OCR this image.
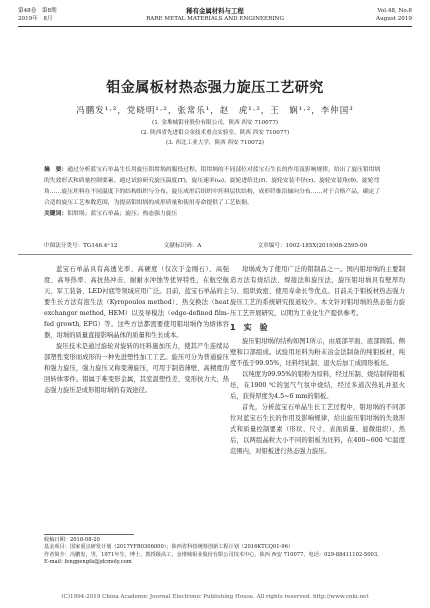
第48卷　第8期
2019年　8月
稀有金属材料与工程
RARE METAL MATERIALS AND ENGINEERING
Vol.48, No.8
August 2019
钼金属板材热态强力旋压工艺研究
冯鹏发¹·²，党晓明¹·²，张常乐¹，赵　虎¹·²，王　娴¹·²，李仲国³
(1. 金堆城钼业股份有限公司，陕西 西安 710077)
(2. 陕西省先进钼合金技术重点实验室，陕西 西安 710077)
(3. 西北工业大学，陕西 西安 710072)
摘　要：通过分析蓝宝石单晶生长用旋压钼坩埚的服役过程、钼坩埚的不同部位对蓝宝石生长的作用及影响规律，给出了旋压钼坩埚的失效形式和质量控制要素。通过试验研究旋压温度(T)，旋压速率(ω)、旋轮进给比(f)、旋轮安装半径(r)、旋轮安装角(θ)、旋轮弯角……旋压坯料在不同温度下的结构组织与分布。旋压成形后组织中坯料层状结构，成形纤维沿轴向分布……对于合格产品，确定了合适的旋压工艺参数范围，为提高钼坩埚的成形质量和使用寿命提供了工艺依据。
关键词：钼坩埚；蓝宝石单晶；旋压；热态强力旋压
中图法分类号：TG146.4⁺12	文献标识码：A	文章编号：1002-185X(2019)08-2595-09

蓝宝石单晶具有高透光率、高硬度（仅次于金刚石）、高强度、高导热率、高抗热冲击、耐耐水冲蚀等优异特性，在航空航天、军工装备、LED衬底等领域应用广泛。目前，蓝宝石单晶的主要生长方法有泡生法（Kyropoulos method）、热交换法（heat exchanger method, HEM）以及导模法（edge-defined film-fed growth, EFG）等。这些方法都需要使用钼坩埚作为熔体容器，坩埚的质量直接影响晶体的质量和生长成本。

旋压技术是通过旋轮对旋转的坯料施加压力，使其产生连续局部塑性变形而成形的一种先进塑性加工工艺。旋压可分为普通旋压和强力旋压，强力旋压又称变薄旋压，可用于制造薄壁、高精度的回转体零件。钼属于难变形金属，其室温塑性差、变形抗力大，热态强力旋压是成形钼坩埚的有效途径。

坩埚成为了使用广泛的钼制品之一。国内钼坩埚的主要制造方法有烧结法、焊接法和旋压法，旋压钼坩埚具有壁厚均匀、组织致密、使用寿命长等优点。目前关于钼板材热态强力旋压工艺的系统研究报道较少。本文针对钼坩埚的热态强力旋压工艺开展研究，以期为工业化生产提供参考。

1　实　验

旋压钼坩埚的结构如图1所示，由底部平面、底部圆弧、侧壁和口部组成。试验用坯料为粉末冶金法制备的纯钼板材，纯度不低于99.95%，坯料经轧制、退火后加工成圆形板坯。

以纯度为99.95%的钼粉为原料，经过压制、烧结制得钼板坯，在1900 ℃的氢气气氛中烧结，经过多道次热轧并退火后，获得厚度为4.5~6 mm的钼板。

首先，分析蓝宝石单晶生长工艺过程中，钼坩埚的不同部位对蓝宝石生长的作用及影响规律，给出旋压钼坩埚的失效形式和质量控制要素（形状、尺寸、表面质量、显微组织），然后，以两组晶粒大小不同的钼板为坯料，在400~600 ℃温度范围内，对钼板进行热态强力旋压。

收稿日期：2018-08-20
基金项目：国家重点研发计划（2017YFB0306000）；陕西省科技统筹创新工程计划（2016KTCQ01-96）
作者简介：冯鹏发，男，1971年生，博士，教授级高工，金堆城钼业股份有限公司技术中心，陕西 西安 710077，电话：029-88411102-5003，
E-mail: fengpengfa@jdcmoly.com
(C)1994-2019 China Academic Journal Electronic Publishing House. All rights reserved. http://www.cnki.net
